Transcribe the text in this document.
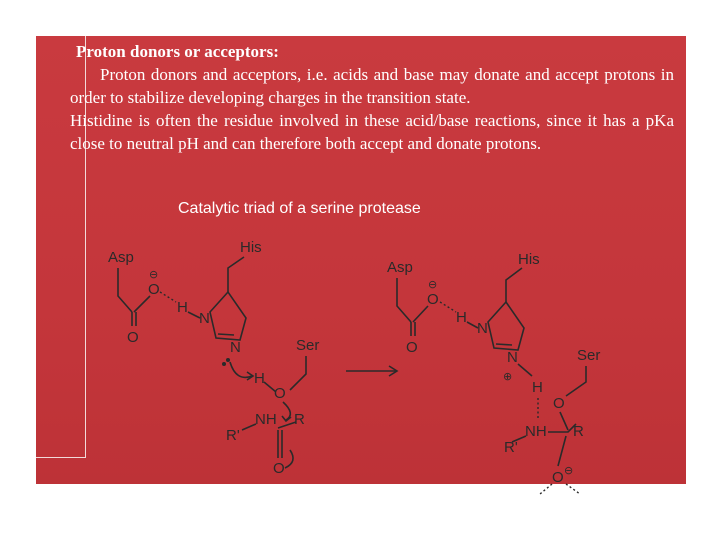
•	Proton donors or acceptors:
•	Proton donors and acceptors, i.e. acids and base may donate and accept protons in order to stabilize developing charges in the transition state.
•	Histidine is often the residue involved in these acid/base reactions, since it has a pKa close to neutral pH and can therefore both accept and donate protons.
Catalytic triad of a serine protease
Asp
O
O
⊖
H
N
His
N
H
O
Ser
NH
R'
R
O
Asp
O
O
⊖
H
N
His
N
⊕
H
Ser
O
NH
R'
R
O ⊖
